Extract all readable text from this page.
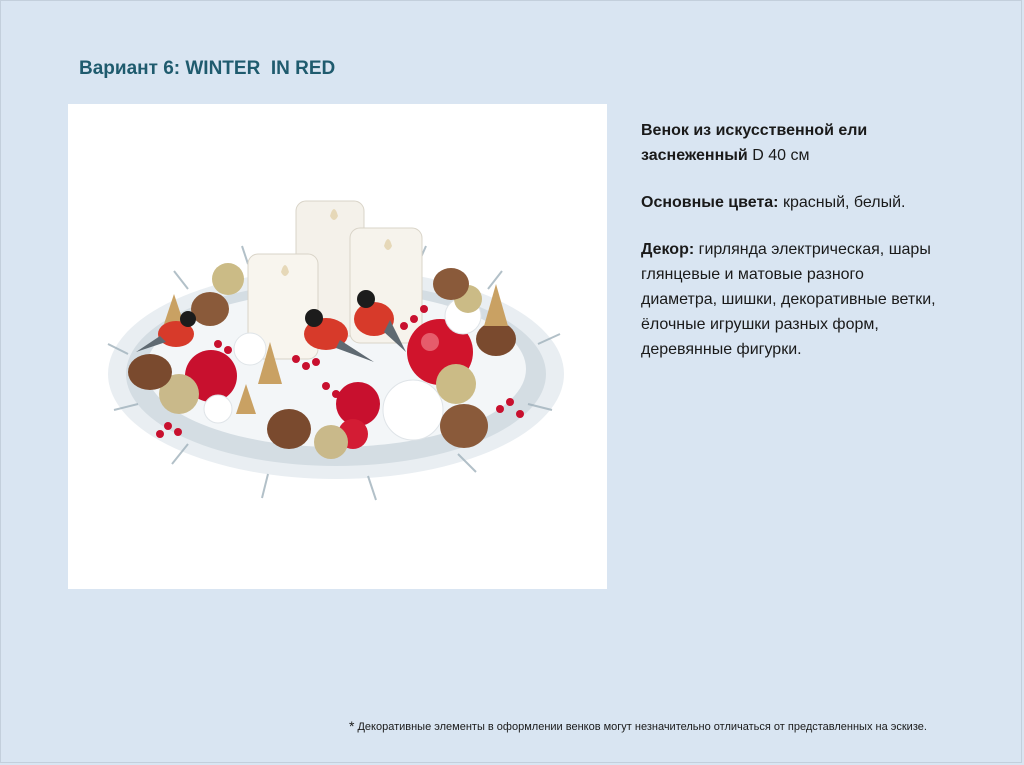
Вариант 6: WINTER  IN RED

Венок из искусственной ели заснеженный D 40 см

Основные цвета: красный, белый.

Декор: гирлянда электрическая, шары глянцевые и матовые разного диаметра, шишки, декоративные ветки, ёлочные игрушки разных форм, деревянные фигурки.

* Декоративные элементы в оформлении венков могут незначительно отличаться от представленных на эскизе.
